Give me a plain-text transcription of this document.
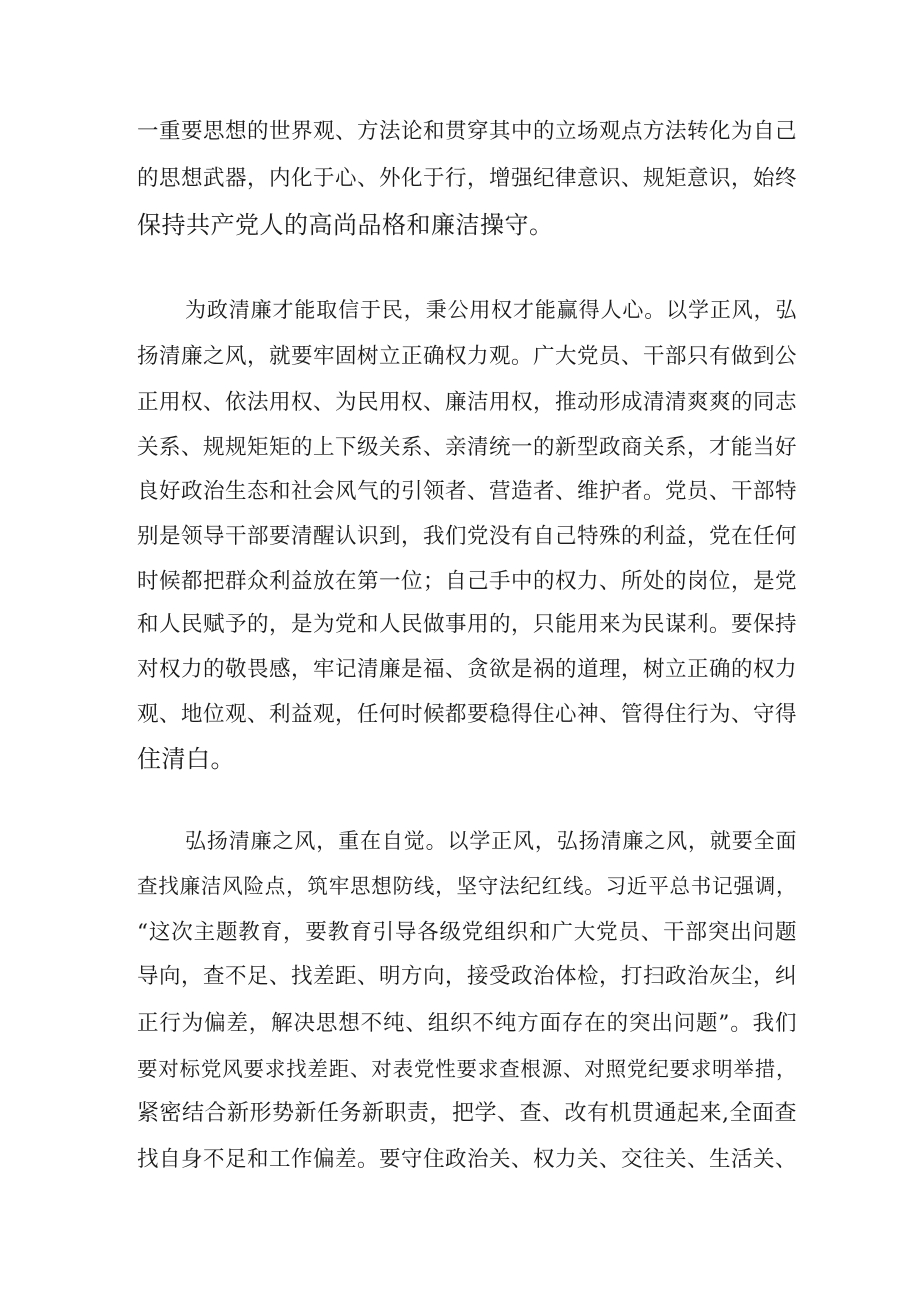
一重要思想的世界观、方法论和贯穿其中的立场观点方法转化为自己
的思想武器，内化于心、外化于行，增强纪律意识、规矩意识，始终
保持共产党人的高尚品格和廉洁操守。
为政清廉才能取信于民，秉公用权才能赢得人心。以学正风，弘
扬清廉之风，就要牢固树立正确权力观。广大党员、干部只有做到公
正用权、依法用权、为民用权、廉洁用权，推动形成清清爽爽的同志
关系、规规矩矩的上下级关系、亲清统一的新型政商关系，才能当好
良好政治生态和社会风气的引领者、营造者、维护者。党员、干部特
别是领导干部要清醒认识到，我们党没有自己特殊的利益，党在任何
时候都把群众利益放在第一位；自己手中的权力、所处的岗位，是党
和人民赋予的，是为党和人民做事用的，只能用来为民谋利。要保持
对权力的敬畏感，牢记清廉是福、贪欲是祸的道理，树立正确的权力
观、地位观、利益观，任何时候都要稳得住心神、管得住行为、守得
住清白。
弘扬清廉之风，重在自觉。以学正风，弘扬清廉之风，就要全面
查找廉洁风险点，筑牢思想防线，坚守法纪红线。习近平总书记强调，
“这次主题教育，要教育引导各级党组织和广大党员、干部突出问题
导向，查不足、找差距、明方向，接受政治体检，打扫政治灰尘，纠
正行为偏差，解决思想不纯、组织不纯方面存在的突出问题”。我们
要对标党风要求找差距、对表党性要求查根源、对照党纪要求明举措，
紧密结合新形势新任务新职责，把学、查、改有机贯通起来,全面查
找自身不足和工作偏差。要守住政治关、权力关、交往关、生活关、
